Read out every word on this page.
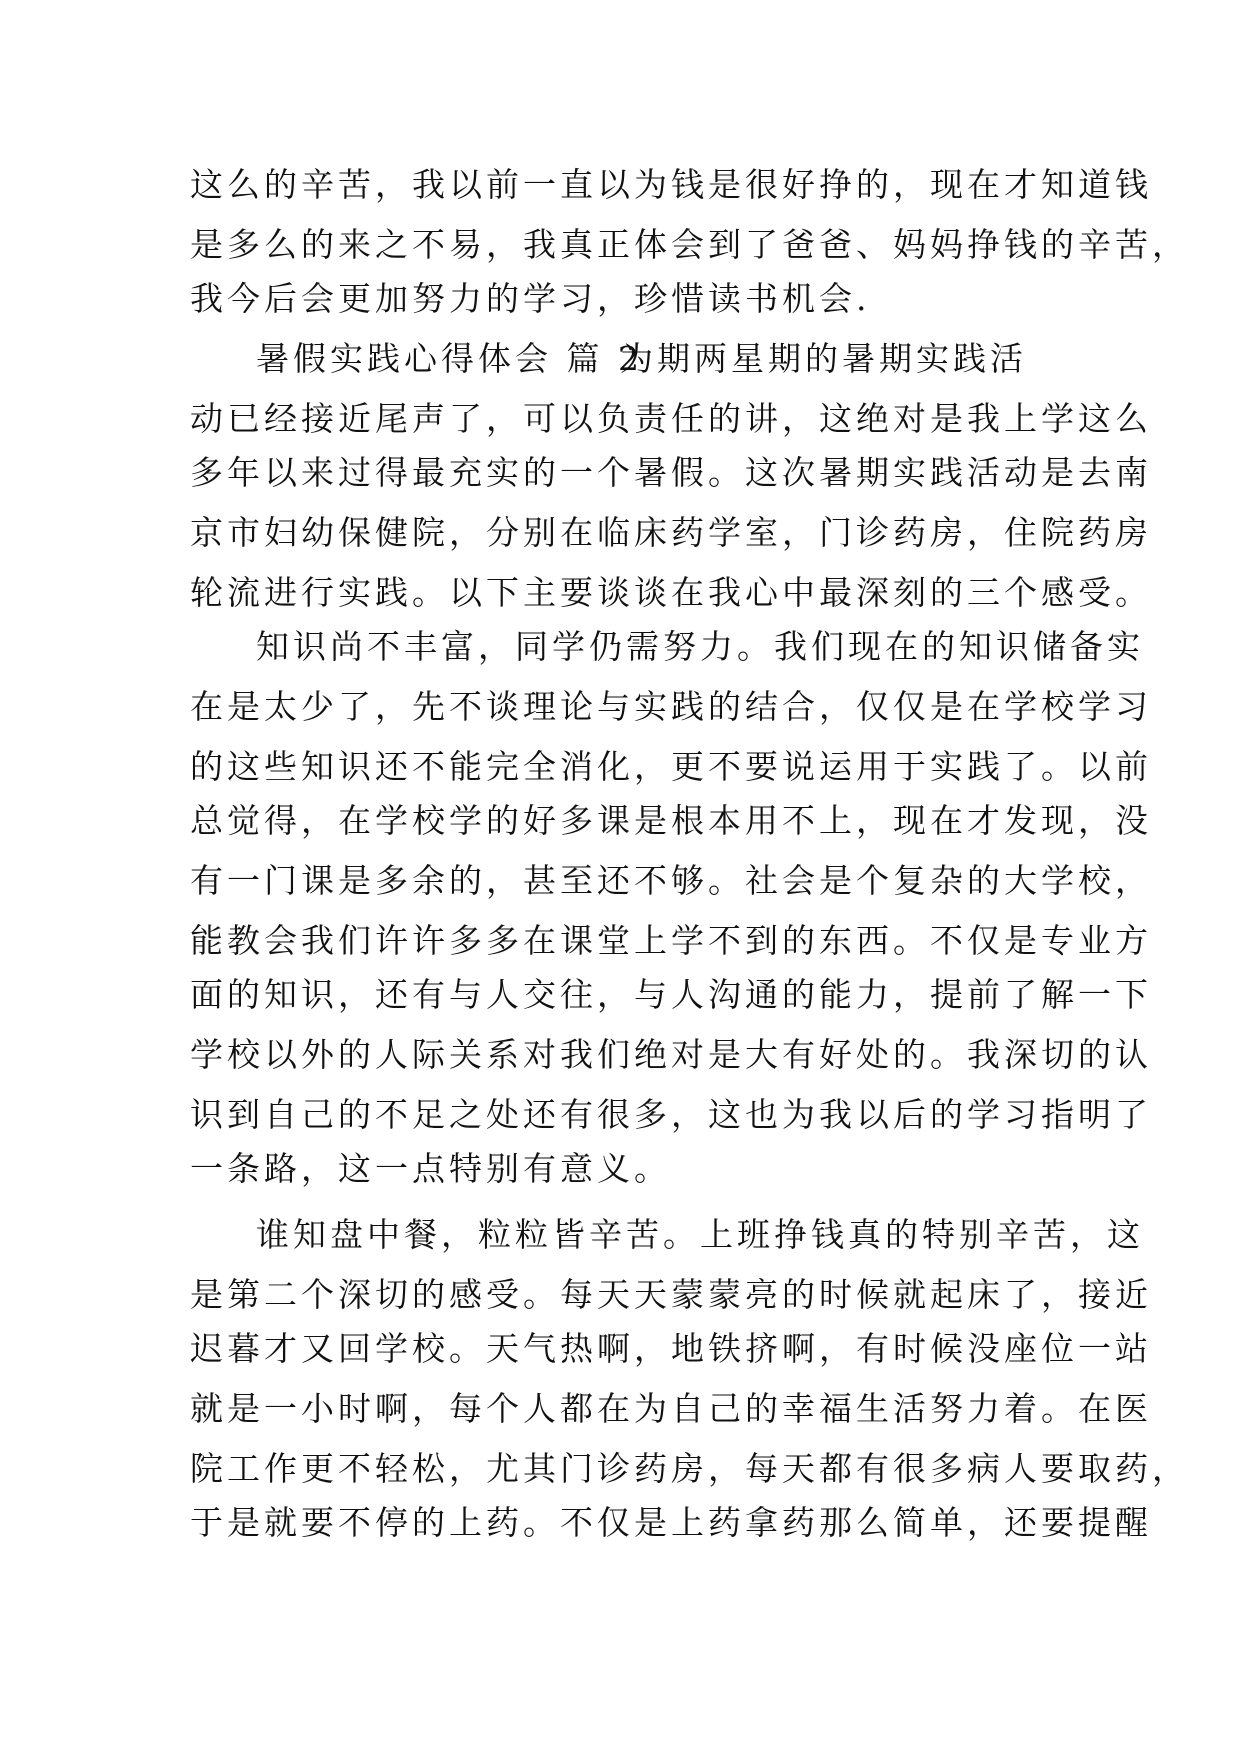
这么的辛苦，我以前一直以为钱是很好挣的，现在才知道钱
是多么的来之不易，我真正体会到了爸爸、妈妈挣钱的辛苦，
我今后会更加努力的学习，珍惜读书机会.
暑假实践心得体会 篇 2
为期两星期的暑期实践活
动已经接近尾声了，可以负责任的讲，这绝对是我上学这么
多年以来过得最充实的一个暑假。这次暑期实践活动是去南
京市妇幼保健院，分别在临床药学室，门诊药房，住院药房
轮流进行实践。以下主要谈谈在我心中最深刻的三个感受。
知识尚不丰富，同学仍需努力。我们现在的知识储备实
在是太少了，先不谈理论与实践的结合，仅仅是在学校学习
的这些知识还不能完全消化，更不要说运用于实践了。以前
总觉得，在学校学的好多课是根本用不上，现在才发现，没
有一门课是多余的，甚至还不够。社会是个复杂的大学校，
能教会我们许许多多在课堂上学不到的东西。不仅是专业方
面的知识，还有与人交往，与人沟通的能力，提前了解一下
学校以外的人际关系对我们绝对是大有好处的。我深切的认
识到自己的不足之处还有很多，这也为我以后的学习指明了
一条路，这一点特别有意义。
谁知盘中餐，粒粒皆辛苦。上班挣钱真的特别辛苦，这
是第二个深切的感受。每天天蒙蒙亮的时候就起床了，接近
迟暮才又回学校。天气热啊，地铁挤啊，有时候没座位一站
就是一小时啊，每个人都在为自己的幸福生活努力着。在医
院工作更不轻松，尤其门诊药房，每天都有很多病人要取药，
于是就要不停的上药。不仅是上药拿药那么简单，还要提醒
